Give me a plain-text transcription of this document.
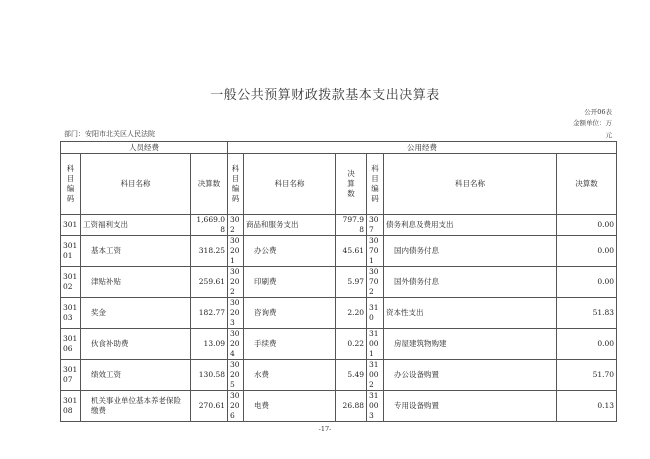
一般公共预算财政拨款基本支出决算表
公开06表
金额单位：万
元
部门：安阳市北关区人民法院
人员经费			公用经费					
科目编码	科目名称	决算数	科目编码	科目名称	决算数	科目编码	科目名称	决算数
301	工资福利支出	1,669.08	302	商品和服务支出	797.98	307	债务利息及费用支出	0.00
30101	基本工资	318.25	30201	办公费	45.61	30701	国内债务付息	0.00
30102	津贴补贴	259.61	30202	印刷费	5.97	30702	国外债务付息	0.00
30103	奖金	182.77	30203	咨询费	2.20	310	资本性支出	51.83
30106	伙食补助费	13.09	30204	手续费	0.22	31001	房屋建筑物购建	0.00
30107	绩效工资	130.58	30205	水费	5.49	31002	办公设备购置	51.70
30108	机关事业单位基本养老保险缴费	270.61	30206	电费	26.88	31003	专用设备购置	0.13
-17-
